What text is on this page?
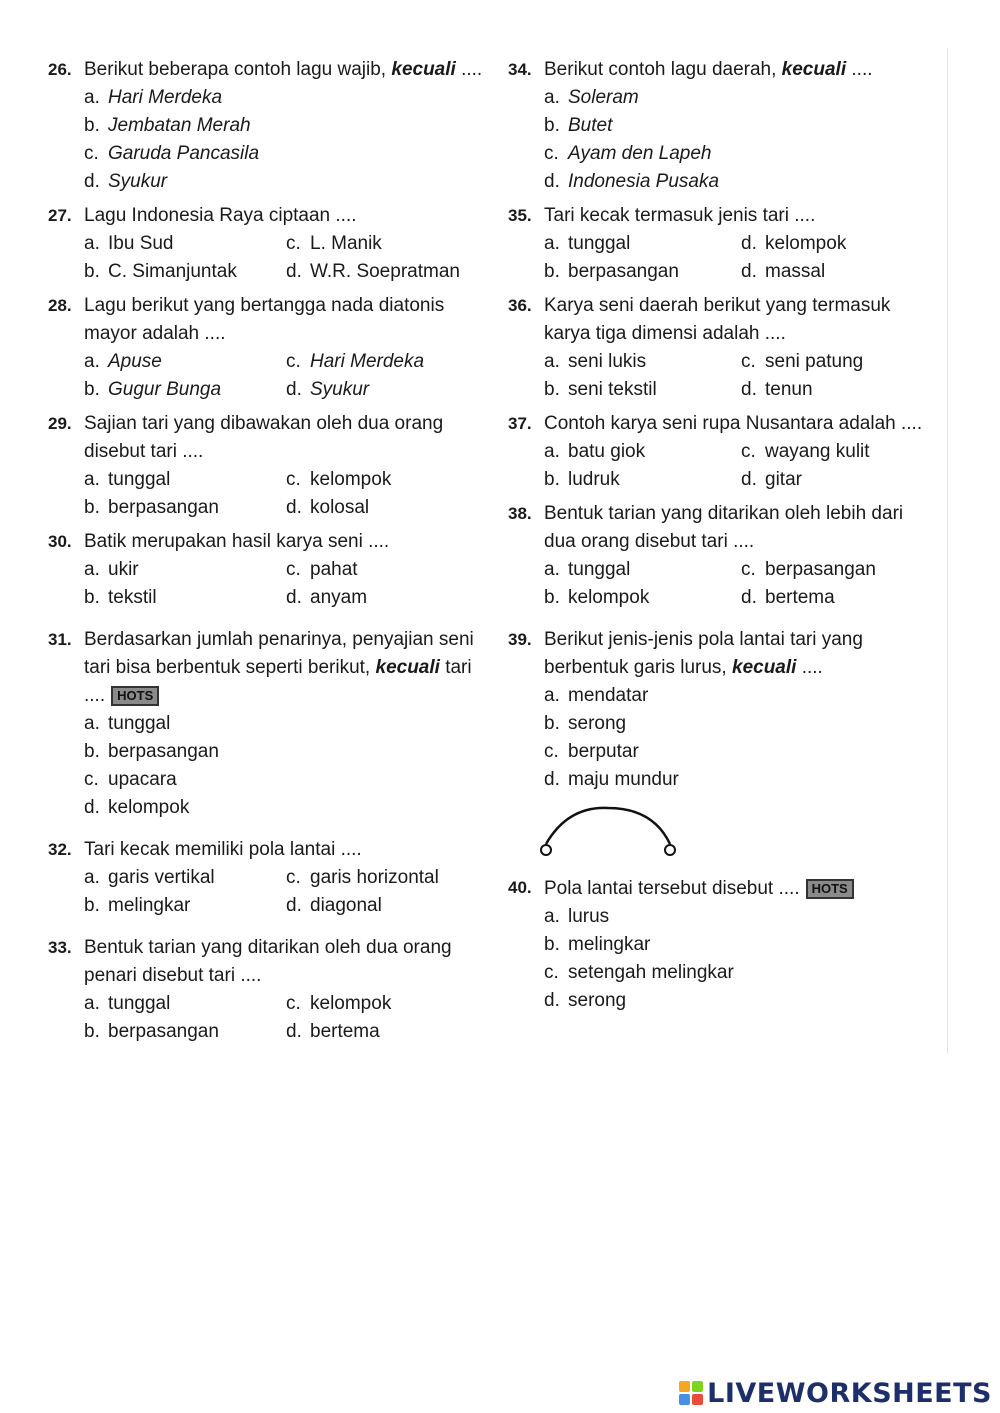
26. Berikut beberapa contoh lagu wajib, kecuali ....
a. Hari Merdeka
b. Jembatan Merah
c. Garuda Pancasila
d. Syukur
27. Lagu Indonesia Raya ciptaan ....
a. Ibu Sud	c. L. Manik
b. C. Simanjuntak	d. W.R. Soepratman
28. Lagu berikut yang bertangga nada diatonis mayor adalah ....
a. Apuse	c. Hari Merdeka
b. Gugur Bunga	d. Syukur
29. Sajian tari yang dibawakan oleh dua orang disebut tari ....
a. tunggal	c. kelompok
b. berpasangan	d. kolosal
30. Batik merupakan hasil karya seni ....
a. ukir	c. pahat
b. tekstil	d. anyam
31. Berdasarkan jumlah penarinya, penyajian seni tari bisa berbentuk seperti berikut, kecuali tari .... HOTS
a. tunggal
b. berpasangan
c. upacara
d. kelompok
32. Tari kecak memiliki pola lantai ....
a. garis vertikal	c. garis horizontal
b. melingkar	d. diagonal
33. Bentuk tarian yang ditarikan oleh dua orang penari disebut tari ....
a. tunggal	c. kelompok
b. berpasangan	d. bertema
34. Berikut contoh lagu daerah, kecuali ....
a. Soleram
b. Butet
c. Ayam den Lapeh
d. Indonesia Pusaka
35. Tari kecak termasuk jenis tari ....
a. tunggal	d. kelompok
b. berpasangan	d. massal
36. Karya seni daerah berikut yang termasuk karya tiga dimensi adalah ....
a. seni lukis	c. seni patung
b. seni tekstil	d. tenun
37. Contoh karya seni rupa Nusantara adalah ....
a. batu giok	c. wayang kulit
b. ludruk	d. gitar
38. Bentuk tarian yang ditarikan oleh lebih dari dua orang disebut tari ....
a. tunggal	c. berpasangan
b. kelompok	d. bertema
39. Berikut jenis-jenis pola lantai tari yang berbentuk garis lurus, kecuali ....
a. mendatar
b. serong
c. berputar
d. maju mundur
40. Pola lantai tersebut disebut .... HOTS
a. lurus
b. melingkar
c. setengah melingkar
d. serong
LIVEWORKSHEETS
